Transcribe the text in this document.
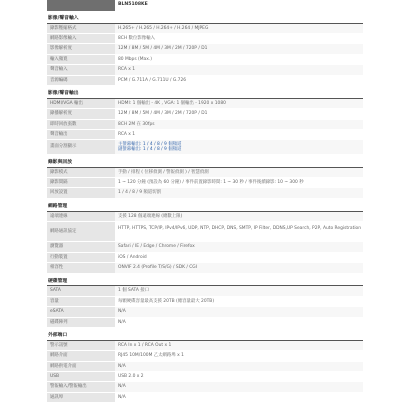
BLN5108KE
影像/聲音輸入
錄影壓縮格式	H.265+ / H.265 / H.264+ / H.264 / MJPEG
網路影像輸入	8CH 數位影像輸入
影像解析度	12M / 8M / 5M / 4M / 3M / 2M / 720P / D1
輸入頻寬	80 Mbps (Max.)
聲音輸入	RCA x 1
音源編碼	PCM / G.711A / G.711U / G.726
影像/聲音輸出
HDMI/VGA 輸出	HDMI: 1 個輸出 - 4K , VGA: 1 個輸出 - 1920 x 1080
錄播解析度	12M / 8M / 5M / 4M / 3M / 2M / 720P / D1
即時回放張數	8CH 2M 在 30fps
聲音輸出	RCA x 1
畫面分割顯示	主螢幕輸出: 1 / 4 / 8 / 9 個頻道
副螢幕輸出: 1 / 4 / 8 / 9 個頻道
錄影與回放
錄影模式	手動 / 排程 ( 位移偵測 / 警報偵測 ) / 智慧偵測
錄影間隔	1 ~ 120 分鐘 (預設為 60 分鐘) / 事件前置錄影時間: 1 ~ 30 秒 / 事件後續錄影: 10 ~ 300 秒
回放設置	1 / 4 / 8 / 9 頻道切割
網路管理
遠端連線	支援 128 個遠端連線 (總數上限)
網路通訊協定	HTTP, HTTPS, TCP/IP, IPv4/IPv6, UDP, NTP, DHCP, DNS, SMTP, IP Filter, DDNS,UP Search, P2P, Auto Registration
瀏覽器	Safari / IE / Edge / Chrome / Firefox
行動裝置	iOS / Android
相容性	ONVIF 2.4 (Profile T/S/G) / SDK / CGI
硬碟管理
SATA	1 個 SATA 接口
容量	每顆硬碟容量最高支援 20TB (總容量最大 20TB)
eSATA	N/A
磁碟陣列	N/A
外部端口
警示訊號	RCA In x 1 / RCA Out x 1
網路介面	RJ45 10M/100M 乙太網路埠 x 1
網路供電介面	N/A
USB	USB 2.0 x 2
警報輸入/警報輸出	N/A
通訊埠	N/A
